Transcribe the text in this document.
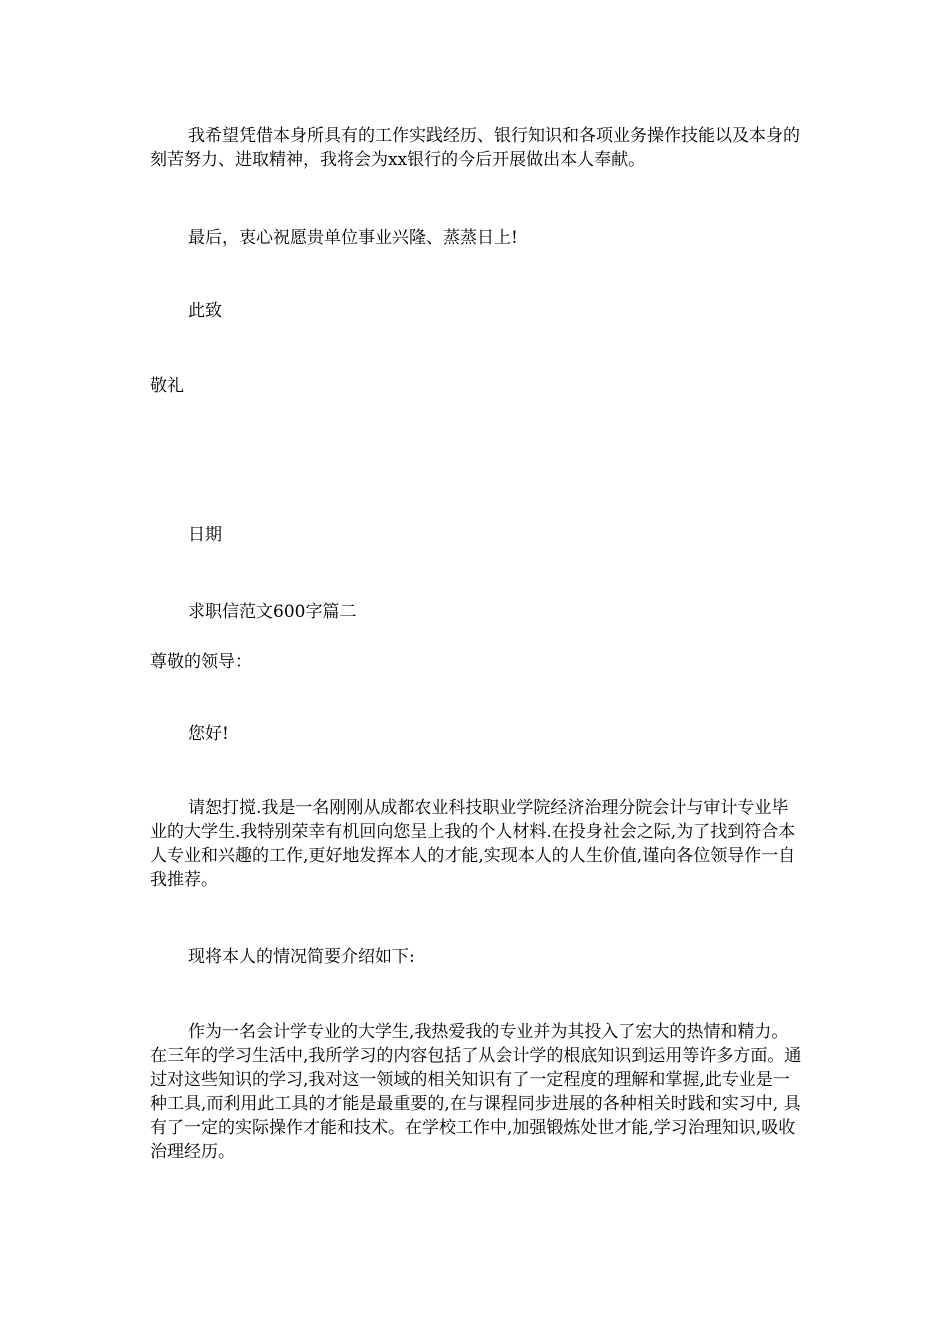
我希望凭借本身所具有的工作实践经历、银行知识和各项业务操作技能以及本身的刻苦努力、进取精神，我将会为xx银行的今后开展做出本人奉献。

最后，衷心祝愿贵单位事业兴隆、蒸蒸日上!

此致

敬礼

日期

求职信范文600字篇二

尊敬的领导：

您好!

请恕打搅.我是一名刚刚从成都农业科技职业学院经济治理分院会计与审计专业毕业的大学生.我特别荣幸有机回向您呈上我的个人材料.在投身社会之际,为了找到符合本人专业和兴趣的工作,更好地发挥本人的才能,实现本人的人生价值,谨向各位领导作一自我推荐。

现将本人的情况简要介绍如下:

作为一名会计学专业的大学生,我热爱我的专业并为其投入了宏大的热情和精力。在三年的学习生活中,我所学习的内容包括了从会计学的根底知识到运用等许多方面。通过对这些知识的学习,我对这一领域的相关知识有了一定程度的理解和掌握,此专业是一种工具,而利用此工具的才能是最重要的,在与课程同步进展的各种相关时践和实习中, 具有了一定的实际操作才能和技术。在学校工作中,加强锻炼处世才能,学习治理知识,吸收治理经历。
